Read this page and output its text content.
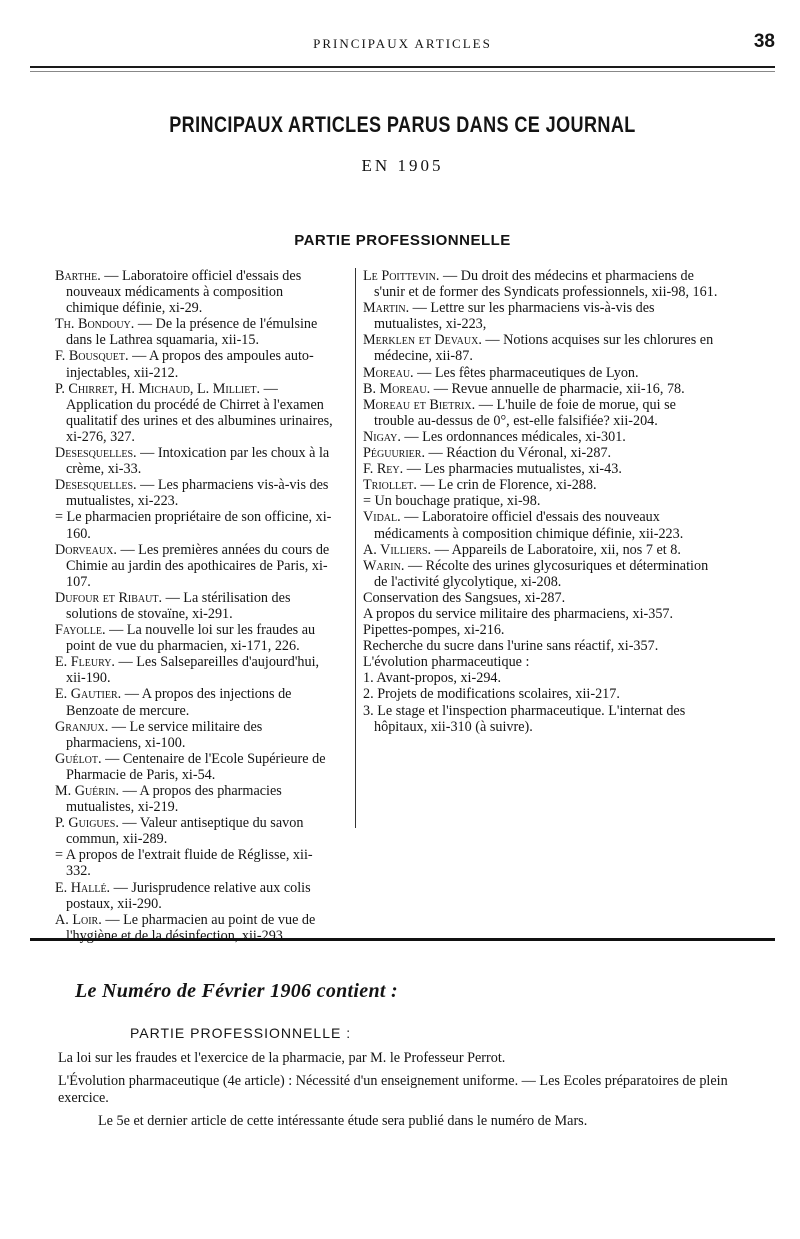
PRINCIPAUX ARTICLES	38
PRINCIPAUX ARTICLES PARUS DANS CE JOURNAL
EN 1905
PARTIE PROFESSIONNELLE

Barthe. — Laboratoire officiel d'essais des nouveaux médicaments à composition chimique définie, xi-29.

Th. Bondouy. — De la présence de l'émulsine dans le Lathrea squamaria, xii-15.

F. Bousquet. — A propos des ampoules auto-injectables, xii-212.

P. Chirret, H. Michaud, L. Milliet. — Application du procédé de Chirret à l'examen qualitatif des urines et des albumines urinaires, xi-276, 327.

Desesquelles. — Intoxication par les choux à la crème, xi-33.

Desesquelles. — Les pharmaciens vis-à-vis des mutualistes, xi-223.

= Le pharmacien propriétaire de son officine, xi-160.

Dorveaux. — Les premières années du cours de Chimie au jardin des apothicaires de Paris, xi-107.

Dufour et Ribaut. — La stérilisation des solutions de stovaïne, xi-291.

Fayolle. — La nouvelle loi sur les fraudes au point de vue du pharmacien, xi-171, 226.

E. Fleury. — Les Salsepareilles d'aujourd'hui, xii-190.

E. Gautier. — A propos des injections de Benzoate de mercure.

Granjux. — Le service militaire des pharmaciens, xi-100.

Guélot. — Centenaire de l'Ecole Supérieure de Pharmacie de Paris, xi-54.

M. Guérin. — A propos des pharmacies mutualistes, xi-219.

P. Guigues. — Valeur antiseptique du savon commun, xii-289.

= A propos de l'extrait fluide de Réglisse, xii-332.

E. Hallé. — Jurisprudence relative aux colis postaux, xii-290.

A. Loir. — Le pharmacien au point de vue de l'hygiène et de la désinfection, xii-293.

Le Poittevin. — Du droit des médecins et pharmaciens de s'unir et de former des Syndicats professionnels, xii-98, 161.

Martin. — Lettre sur les pharmaciens vis-à-vis des mutualistes, xi-223,

Merklen et Devaux. — Notions acquises sur les chlorures en médecine, xii-87.

Moreau. — Les fêtes pharmaceutiques de Lyon.

B. Moreau. — Revue annuelle de pharmacie, xii-16, 78.

Moreau et Bietrix. — L'huile de foie de morue, qui se trouble au-dessus de 0°, est-elle falsifiée? xii-204.

Nigay. — Les ordonnances médicales, xi-301.

Péguurier. — Réaction du Véronal, xi-287.

F. Rey. — Les pharmacies mutualistes, xi-43.

Triollet. — Le crin de Florence, xi-288.

= Un bouchage pratique, xi-98.

Vidal. — Laboratoire officiel d'essais des nouveaux médicaments à composition chimique définie, xii-223.

A. Villiers. — Appareils de Laboratoire, xii, nos 7 et 8.

Warin. — Récolte des urines glycosuriques et détermination de l'activité glycolytique, xi-208.

Conservation des Sangsues, xi-287.

A propos du service militaire des pharmaciens, xi-357.

Pipettes-pompes, xi-216.

Recherche du sucre dans l'urine sans réactif, xi-357.

L'évolution pharmaceutique :

1. Avant-propos, xi-294.

2. Projets de modifications scolaires, xii-217.

3. Le stage et l'inspection pharmaceutique. L'internat des hôpitaux, xii-310 (à suivre).

Le Numéro de Février 1906 contient :
PARTIE PROFESSIONNELLE :

La loi sur les fraudes et l'exercice de la pharmacie, par M. le Professeur Perrot.

L'Évolution pharmaceutique (4e article) : Nécessité d'un enseignement uniforme. — Les Ecoles préparatoires de plein exercice.

Le 5e et dernier article de cette intéressante étude sera publié dans le numéro de Mars.
